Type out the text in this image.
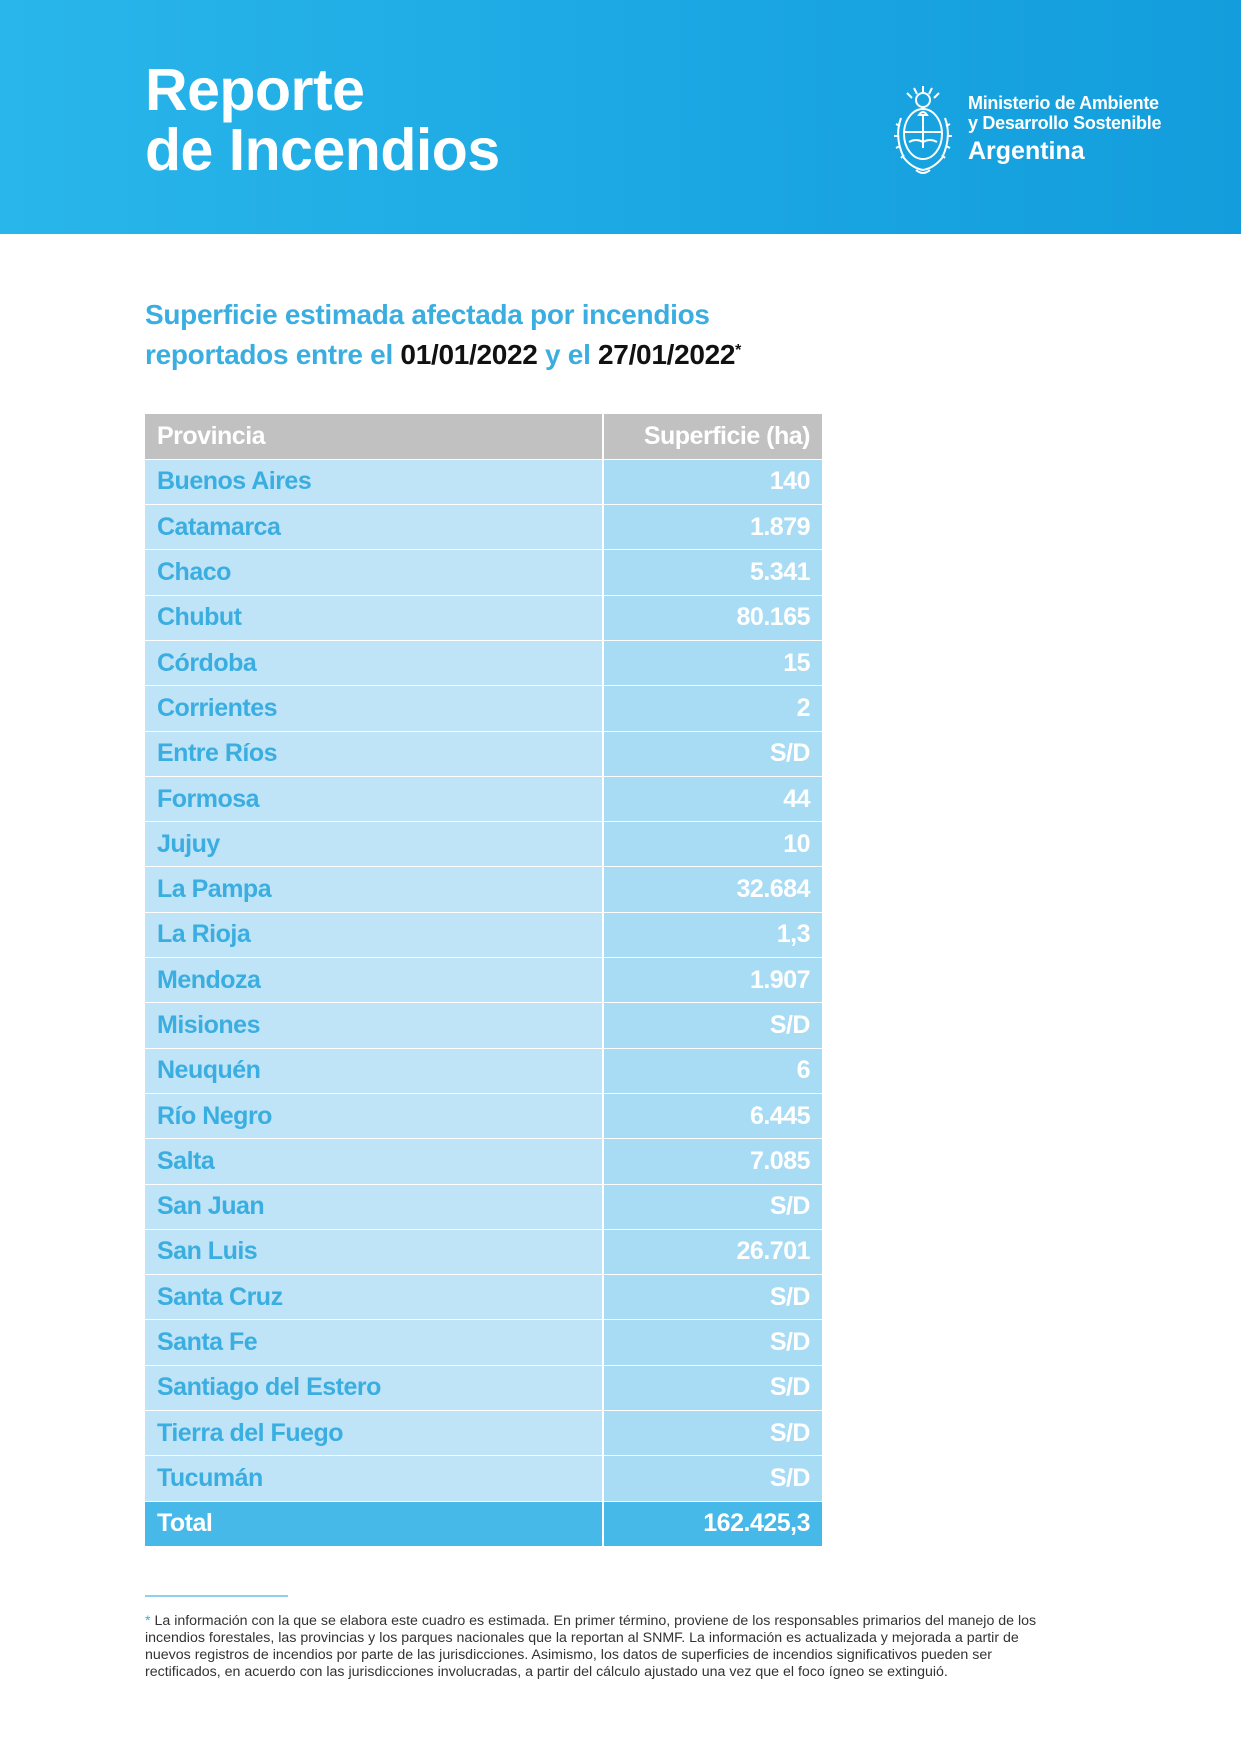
Reporte
de Incendios
Ministerio de Ambiente
y Desarrollo Sostenible
Argentina
Superficie estimada afectada por incendios
reportados entre el 01/01/2022 y el 27/01/2022*
Provincia	Superficie (ha)
Buenos Aires	140
Catamarca	1.879
Chaco	5.341
Chubut	80.165
Córdoba	15
Corrientes	2
Entre Ríos	S/D
Formosa	44
Jujuy	10
La Pampa	32.684
La Rioja	1,3
Mendoza	1.907
Misiones	S/D
Neuquén	6
Río Negro	6.445
Salta	7.085
San Juan	S/D
San Luis	26.701
Santa Cruz	S/D
Santa Fe	S/D
Santiago del Estero	S/D
Tierra del Fuego	S/D
Tucumán	S/D
Total	162.425,3

* La información con la que se elabora este cuadro es estimada. En primer término, proviene de los responsables primarios del manejo de los incendios forestales, las provincias y los parques nacionales que la reportan al SNMF. La información es actualizada y mejorada a partir de nuevos registros de incendios por parte de las jurisdicciones. Asimismo, los datos de superficies de incendios significativos pueden ser rectificados, en acuerdo con las jurisdicciones involucradas, a partir del cálculo ajustado una vez que el foco ígneo se extinguió.
